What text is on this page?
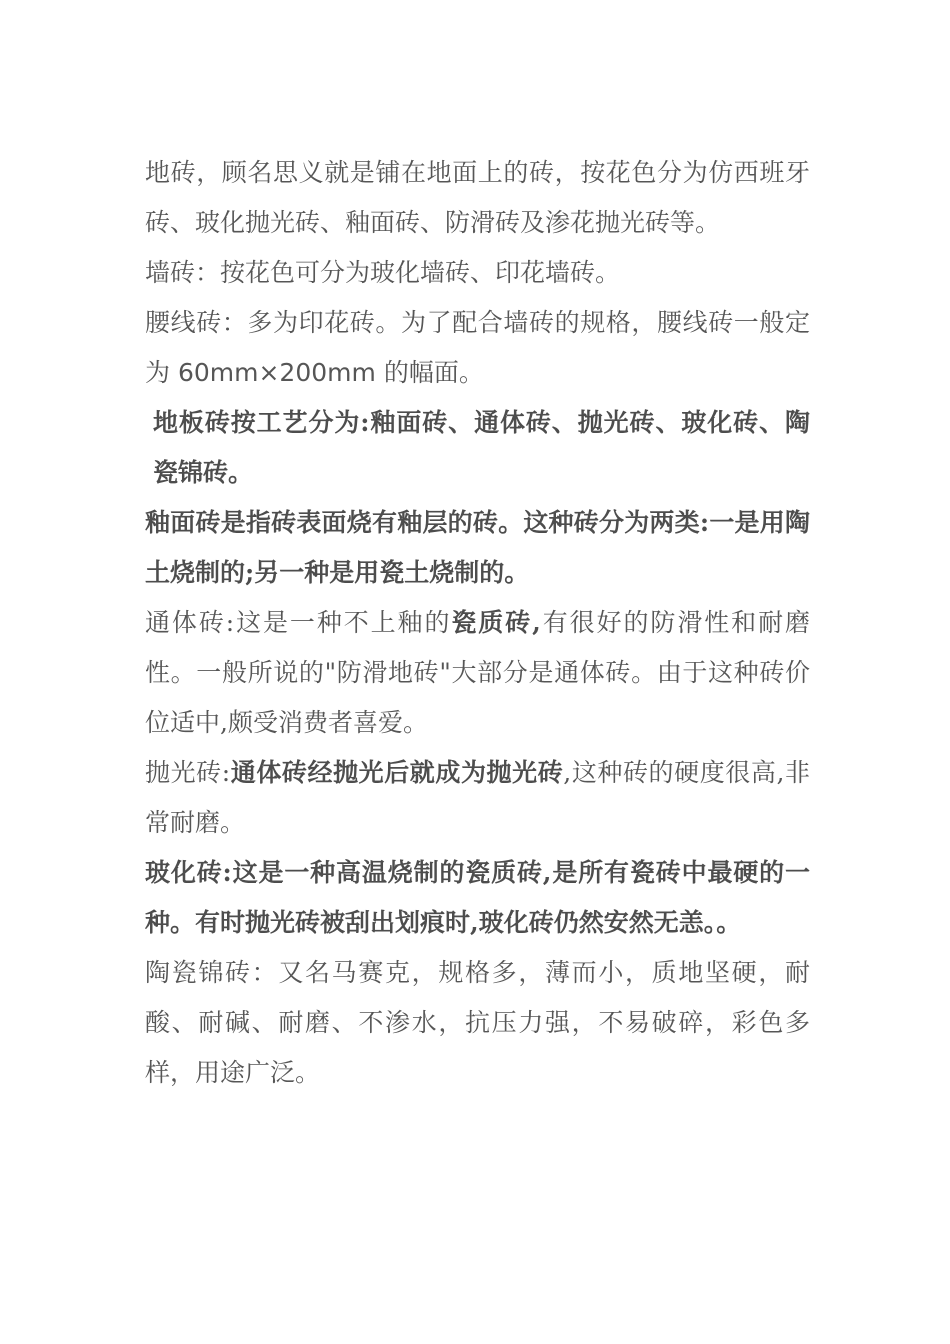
地砖，顾名思义就是铺在地面上的砖，按花色分为仿西班牙砖、玻化抛光砖、釉面砖、防滑砖及渗花抛光砖等。

墙砖：按花色可分为玻化墙砖、印花墙砖。

腰线砖：多为印花砖。为了配合墙砖的规格，腰线砖一般定为 60mm×200mm 的幅面。

地板砖按工艺分为:釉面砖、通体砖、抛光砖、玻化砖、陶瓷锦砖。

釉面砖是指砖表面烧有釉层的砖。这种砖分为两类:一是用陶土烧制的;另一种是用瓷土烧制的。

通体砖:这是一种不上釉的瓷质砖,有很好的防滑性和耐磨性。一般所说的"防滑地砖"大部分是通体砖。由于这种砖价位适中,颇受消费者喜爱。

抛光砖:通体砖经抛光后就成为抛光砖,这种砖的硬度很高,非常耐磨。

玻化砖:这是一种高温烧制的瓷质砖,是所有瓷砖中最硬的一种。有时抛光砖被刮出划痕时,玻化砖仍然安然无恙。。

陶瓷锦砖：又名马赛克，规格多，薄而小，质地坚硬，耐酸、耐碱、耐磨、不渗水，抗压力强，不易破碎，彩色多样，用途广泛。
